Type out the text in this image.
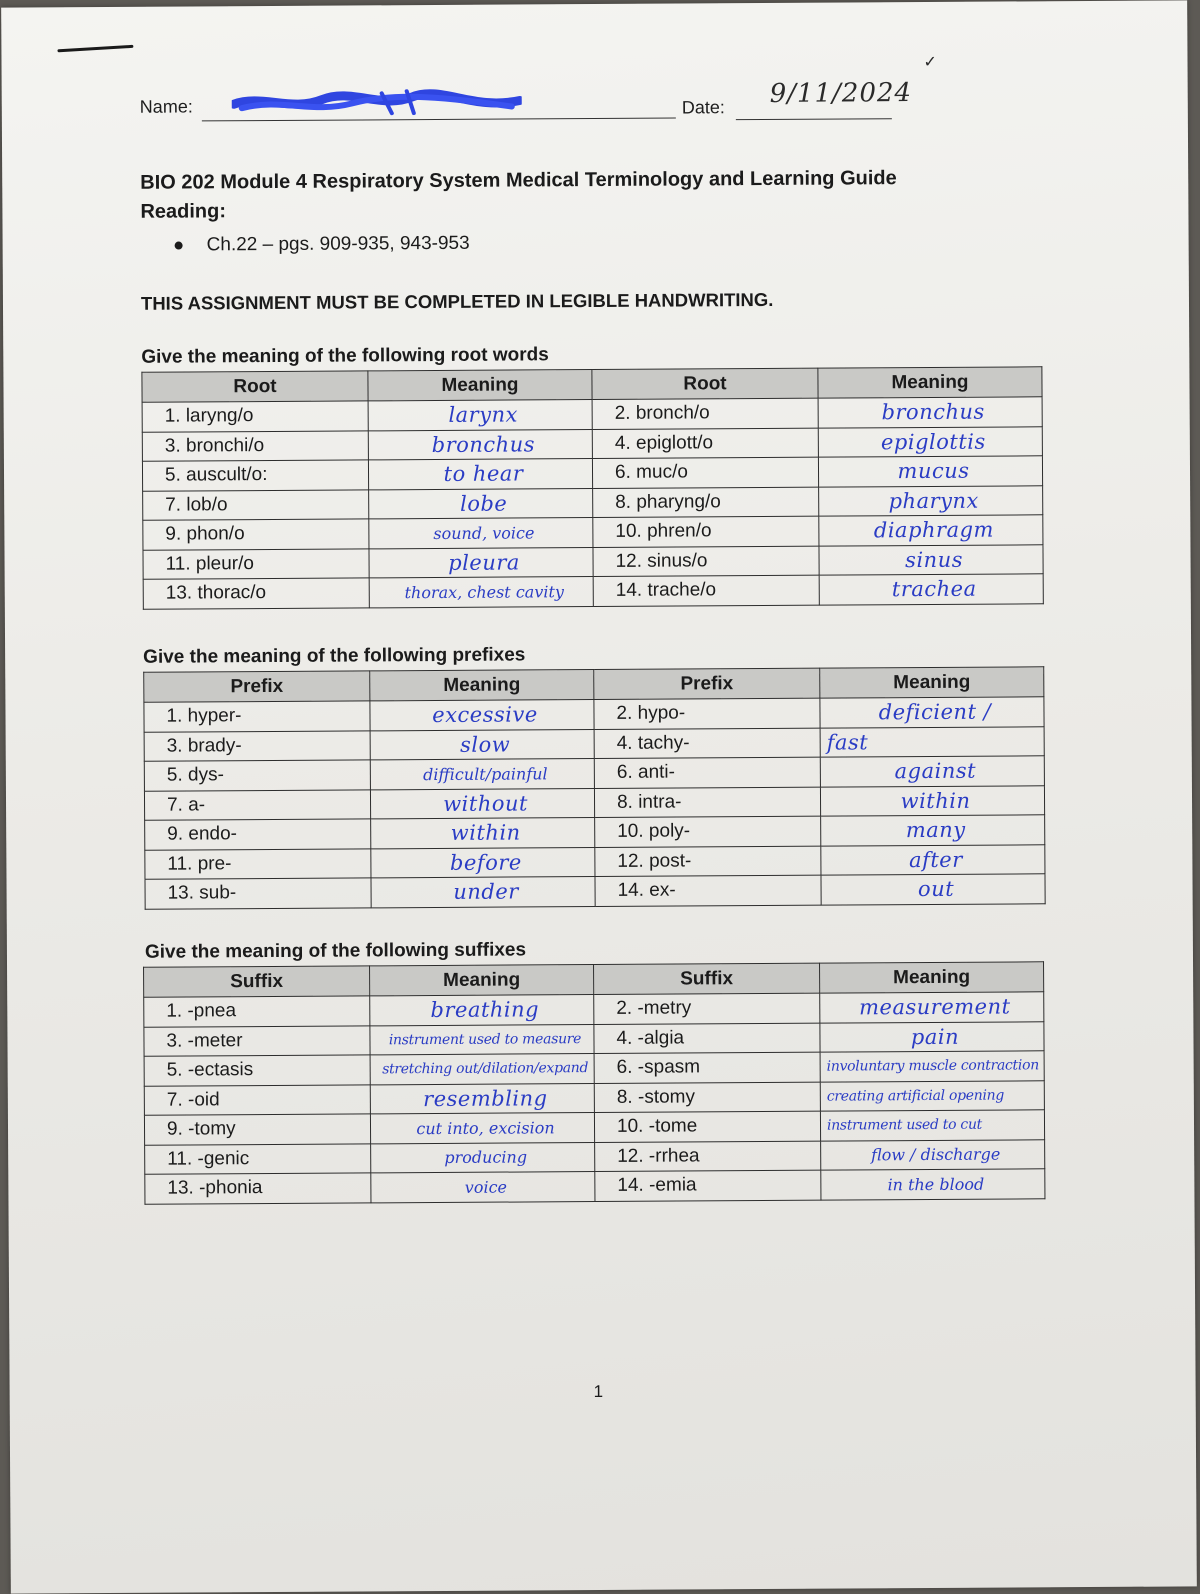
✓
Name:	Date: 9/11/2024
BIO 202 Module 4 Respiratory System Medical Terminology and Learning Guide
Reading:
Ch.22 – pgs. 909-935, 943-953
THIS ASSIGNMENT MUST BE COMPLETED IN LEGIBLE HANDWRITING.
Give the meaning of the following root words
Root	Meaning	Root	Meaning
1. laryng/o	larynx	2. bronch/o	bronchus
3. bronchi/o	bronchus	4. epiglott/o	epiglottis
5. auscult/o:	to hear	6. muc/o	mucus
7. lob/o	lobe	8. pharyng/o	pharynx
9. phon/o	sound, voice	10. phren/o	diaphragm
11. pleur/o	pleura	12. sinus/o	sinus
13. thorac/o	thorax, chest cavity	14. trache/o	trachea
Give the meaning of the following prefixes
Prefix	Meaning	Prefix	Meaning
1. hyper-	excessive	2. hypo-	deficient /
3. brady-	slow	4. tachy-	fast
5. dys-	difficult/painful	6. anti-	against
7. a-	without	8. intra-	within
9. endo-	within	10. poly-	many
11. pre-	before	12. post-	after
13. sub-	under	14. ex-	out
Give the meaning of the following suffixes
Suffix	Meaning	Suffix	Meaning
1. -pnea	breathing	2. -metry	measurement
3. -meter	instrument used to measure	4. -algia	pain
5. -ectasis	stretching out/dilation/expand	6. -spasm	involuntary muscle contraction
7. -oid	resembling	8. -stomy	creating artificial opening
9. -tomy	cut into, excision	10. -tome	instrument used to cut
11. -genic	producing	12. -rrhea	flow / discharge
13. -phonia	voice	14. -emia	in the blood
1
